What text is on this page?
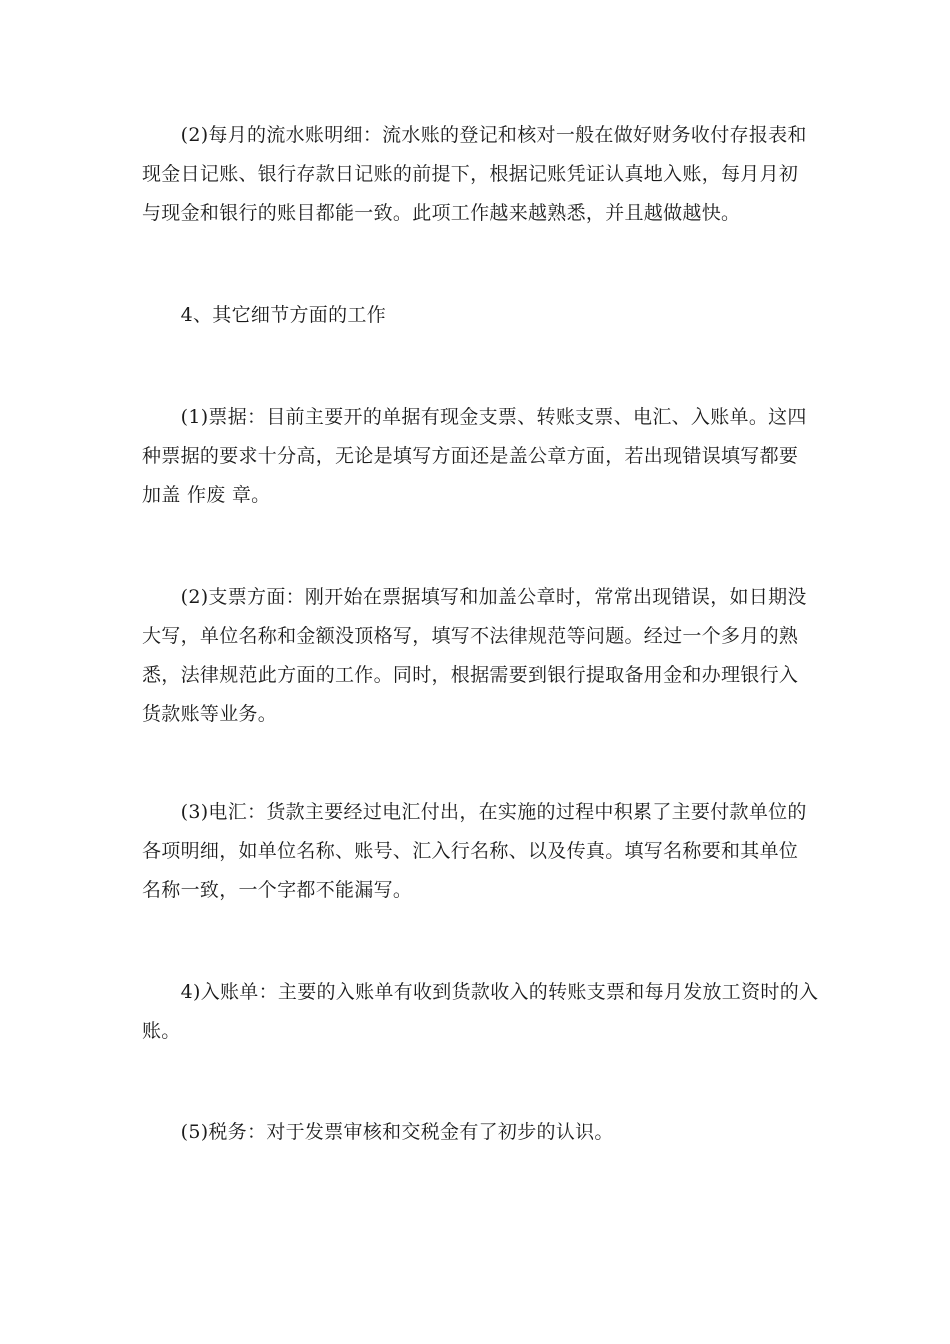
　　(2)每月的流水账明细：流水账的登记和核对一般在做好财务收付存报表和
现金日记账、银行存款日记账的前提下，根据记账凭证认真地入账，每月月初
与现金和银行的账目都能一致。此项工作越来越熟悉，并且越做越快。
　　4、其它细节方面的工作
　　(1)票据：目前主要开的单据有现金支票、转账支票、电汇、入账单。这四
种票据的要求十分高，无论是填写方面还是盖公章方面，若出现错误填写都要
加盖 作废 章。
　　(2)支票方面：刚开始在票据填写和加盖公章时，常常出现错误，如日期没
大写，单位名称和金额没顶格写，填写不法律规范等问题。经过一个多月的熟
悉，法律规范此方面的工作。同时，根据需要到银行提取备用金和办理银行入
货款账等业务。
　　(3)电汇：货款主要经过电汇付出，在实施的过程中积累了主要付款单位的
各项明细，如单位名称、账号、汇入行名称、以及传真。填写名称要和其单位
名称一致，一个字都不能漏写。
　　4)入账单：主要的入账单有收到货款收入的转账支票和每月发放工资时的入
账。
　　(5)税务：对于发票审核和交税金有了初步的认识。
